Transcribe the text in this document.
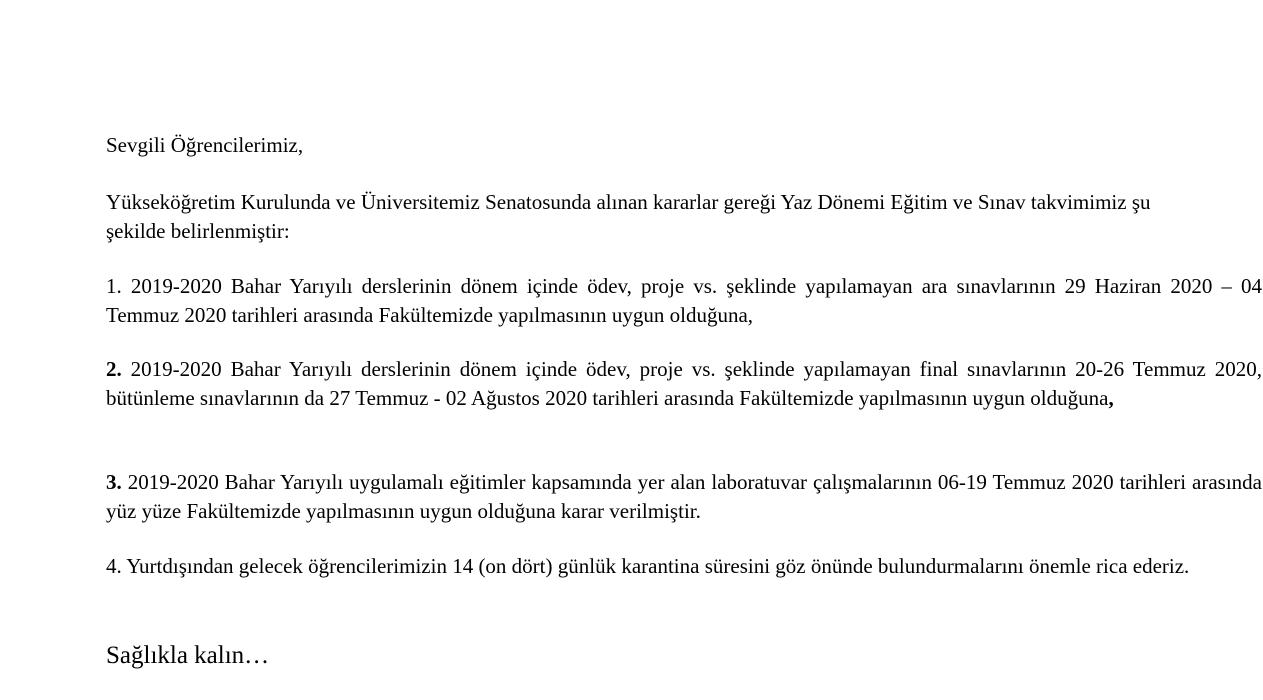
Sevgili Öğrencilerimiz,

Yükseköğretim Kurulunda ve Üniversitemiz Senatosunda alınan kararlar gereği Yaz Dönemi Eğitim ve Sınav takvimimiz şu şekilde belirlenmiştir:

1. 2019-2020 Bahar Yarıyılı derslerinin dönem içinde ödev, proje vs. şeklinde yapılamayan ara sınavlarının 29 Haziran 2020 – 04 Temmuz 2020 tarihleri arasında Fakültemizde yapılmasının uygun olduğuna,

2. 2019-2020 Bahar Yarıyılı derslerinin dönem içinde ödev, proje vs. şeklinde yapılamayan final sınavlarının 20-26 Temmuz 2020, bütünleme sınavlarının da 27 Temmuz - 02 Ağustos 2020 tarihleri arasında Fakültemizde yapılmasının uygun olduğuna,

3. 2019-2020 Bahar Yarıyılı uygulamalı eğitimler kapsamında yer alan laboratuvar çalışmalarının 06-19 Temmuz 2020 tarihleri arasında yüz yüze Fakültemizde yapılmasının uygun olduğuna karar verilmiştir.

4. Yurtdışından gelecek öğrencilerimizin 14 (on dört) günlük karantina süresini göz önünde bulundurmalarını önemle rica ederiz.

Sağlıkla kalın…
